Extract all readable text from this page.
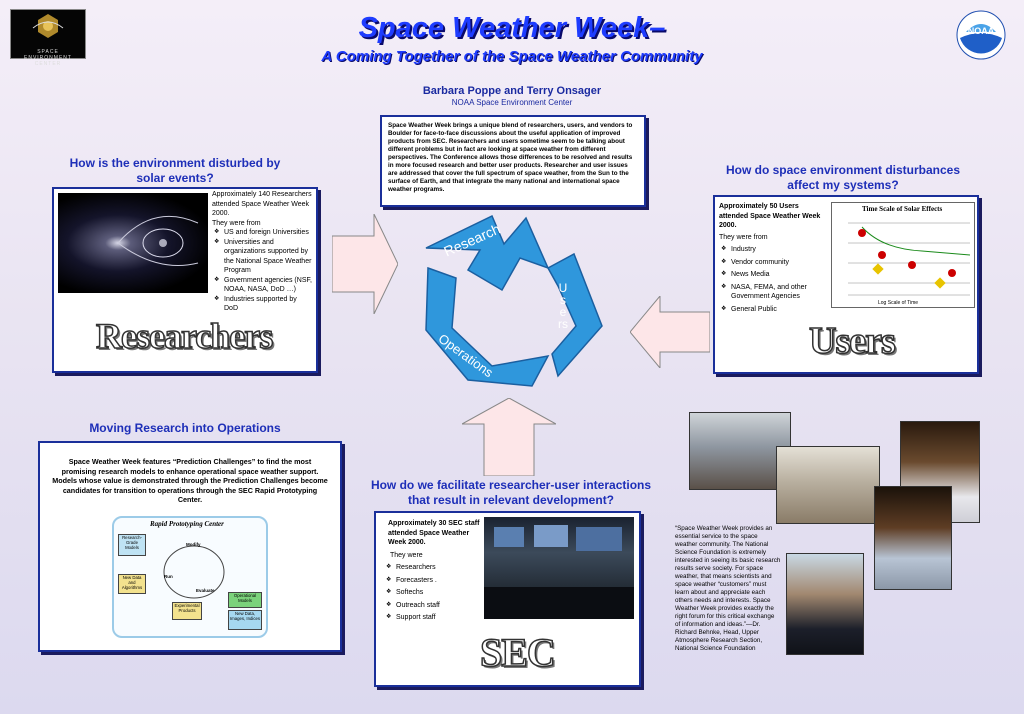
SPACE ENVIRONMENT CENTER
NOAA
Space Weather Week–
A Coming Together of the Space Weather Community
Barbara Poppe and Terry Onsager
NOAA Space Environment Center
Space Weather Week brings a unique blend of researchers, users, and vendors to Boulder for face-to-face discussions about the useful application of improved products from SEC. Researchers and users sometime seem to be talking about different problems but in fact are looking at space weather from different perspectives. The Conference allows those differences to be resolved and results in more focused research and better user products. Researcher and user issues are addressed that cover the full spectrum of space weather, from the Sun to the surface of Earth, and that integrate the many national and international space weather programs.
How is the environment disturbed by solar events?
Approximately 140 Researchers attended Space Weather Week 2000.
They were from
❖ US and foreign Universities
❖ Universities and organizations supported by the National Space Weather Program
❖ Government agencies (NSF, NOAA, NASA, DoD …)
❖ Industries supported by DoD
Researchers
How do space environment disturbances affect my systems?
Approximately 50 Users attended Space Weather Week 2000.
They were from
❖ Industry
❖ Vendor community
❖ News Media
❖ NASA, FEMA, and other Government Agencies
❖ General Public
Time Scale of Solar Effects
Log Scale of Time
Users
Research
Users
Operations
Moving Research into Operations
Space Weather Week features “Prediction Challenges” to find the most promising research models to enhance operational space weather support. Models whose value is demonstrated through the Prediction Challenges become candidates for transition to operations through the SEC Rapid Prototyping Center.
Rapid Prototyping Center
Research-Grade Models
New Data and Algorithms
Experimental Products
Operational Models
New Data, Images, Indices
Modify
Run
Evaluate
How do we facilitate researcher-user interactions that result in relevant development?
Approximately 30 SEC staff attended Space Weather Week 2000.
They were
❖ Researchers
❖ Forecasters .
❖ Softechs
❖ Outreach staff
❖ Support staff
SEC
“Space Weather Week provides an essential service to the space weather community. The National Science Foundation is extremely interested in seeing its basic research results serve society. For space weather, that means scientists and space weather “customers” must learn about and appreciate each others needs and interests. Space Weather Week provides exactly the right forum for this critical exchange of information and ideas.”—Dr. Richard Behnke, Head, Upper Atmosphere Research Section, National Science Foundation
